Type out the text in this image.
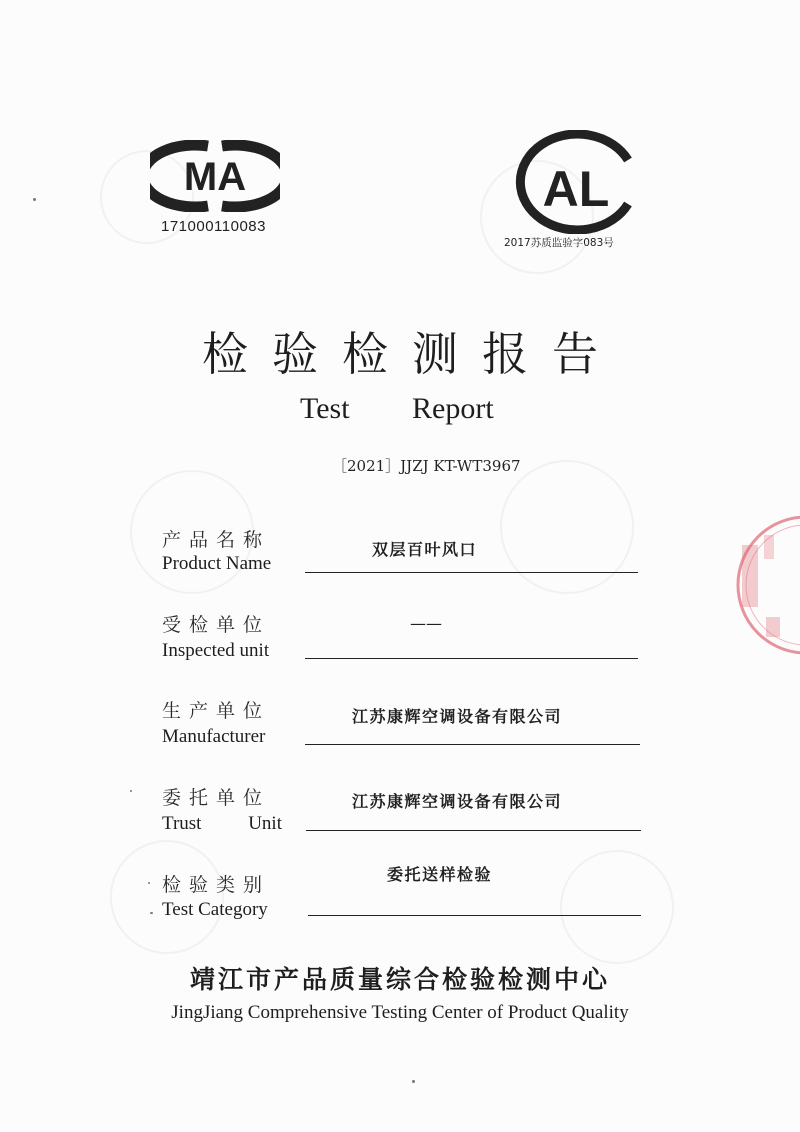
MA
171000110083
AL
2017苏质监验字083号
检验检测报告
Test Report
［2021］JJZJ KT-WT3967
产品名称
Product Name
双层百叶风口
受检单位
Inspected unit
——
生产单位
Manufacturer
江苏康辉空调设备有限公司
委托单位
Trust Unit
江苏康辉空调设备有限公司
检验类别
Test Category
委托送样检验
靖江市产品质量综合检验检测中心
JingJiang Comprehensive Testing Center of Product Quality
